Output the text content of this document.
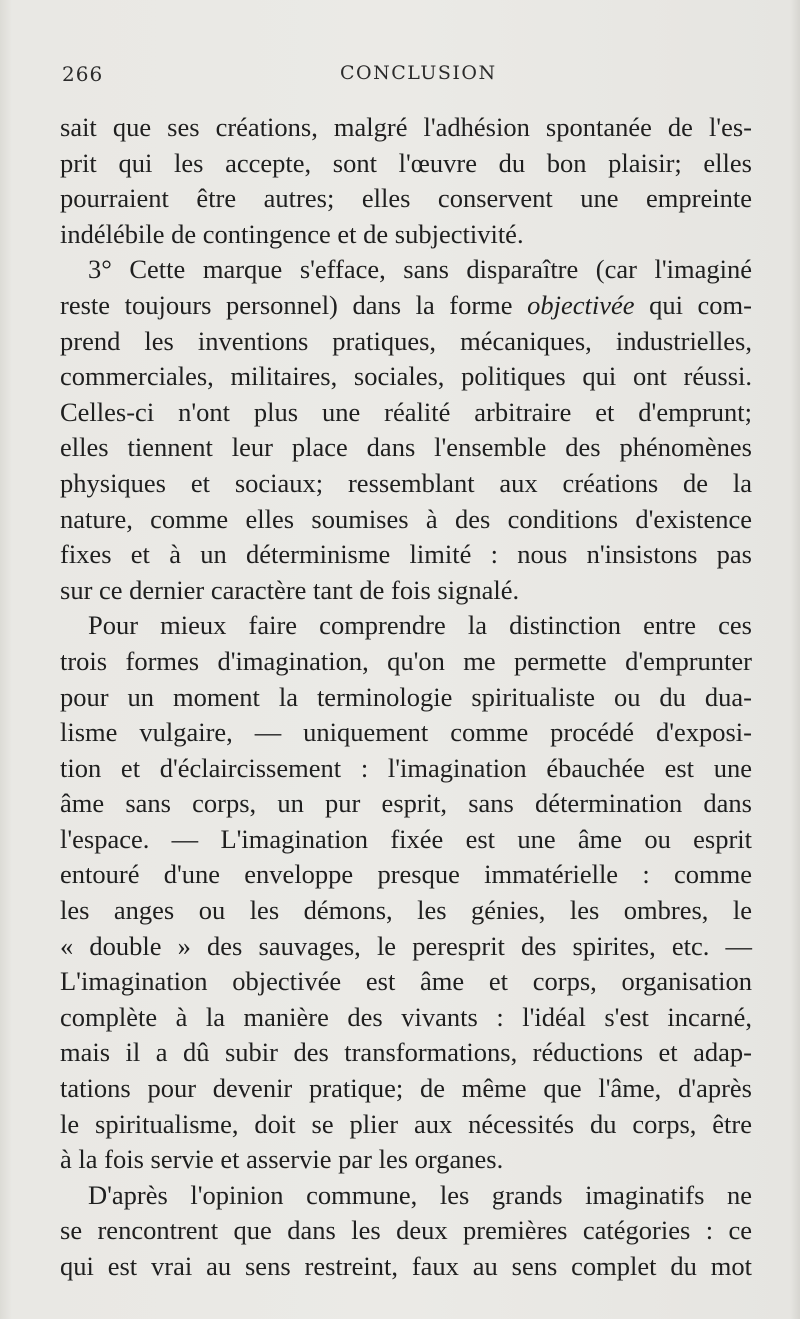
266	CONCLUSION
sait que ses créations, malgré l'adhésion spontanée de l'es-
prit qui les accepte, sont l'œuvre du bon plaisir; elles
pourraient être autres; elles conservent une empreinte
indélébile de contingence et de subjectivité.
3° Cette marque s'efface, sans disparaître (car l'imaginé
reste toujours personnel) dans la forme objectivée qui com-
prend les inventions pratiques, mécaniques, industrielles,
commerciales, militaires, sociales, politiques qui ont réussi.
Celles-ci n'ont plus une réalité arbitraire et d'emprunt;
elles tiennent leur place dans l'ensemble des phénomènes
physiques et sociaux; ressemblant aux créations de la
nature, comme elles soumises à des conditions d'existence
fixes et à un déterminisme limité : nous n'insistons pas
sur ce dernier caractère tant de fois signalé.
Pour mieux faire comprendre la distinction entre ces
trois formes d'imagination, qu'on me permette d'emprunter
pour un moment la terminologie spiritualiste ou du dua-
lisme vulgaire, — uniquement comme procédé d'exposi-
tion et d'éclaircissement : l'imagination ébauchée est une
âme sans corps, un pur esprit, sans détermination dans
l'espace. — L'imagination fixée est une âme ou esprit
entouré d'une enveloppe presque immatérielle : comme
les anges ou les démons, les génies, les ombres, le
« double » des sauvages, le peresprit des spirites, etc. —
L'imagination objectivée est âme et corps, organisation
complète à la manière des vivants : l'idéal s'est incarné,
mais il a dû subir des transformations, réductions et adap-
tations pour devenir pratique; de même que l'âme, d'après
le spiritualisme, doit se plier aux nécessités du corps, être
à la fois servie et asservie par les organes.
D'après l'opinion commune, les grands imaginatifs ne
se rencontrent que dans les deux premières catégories : ce
qui est vrai au sens restreint, faux au sens complet du mot
